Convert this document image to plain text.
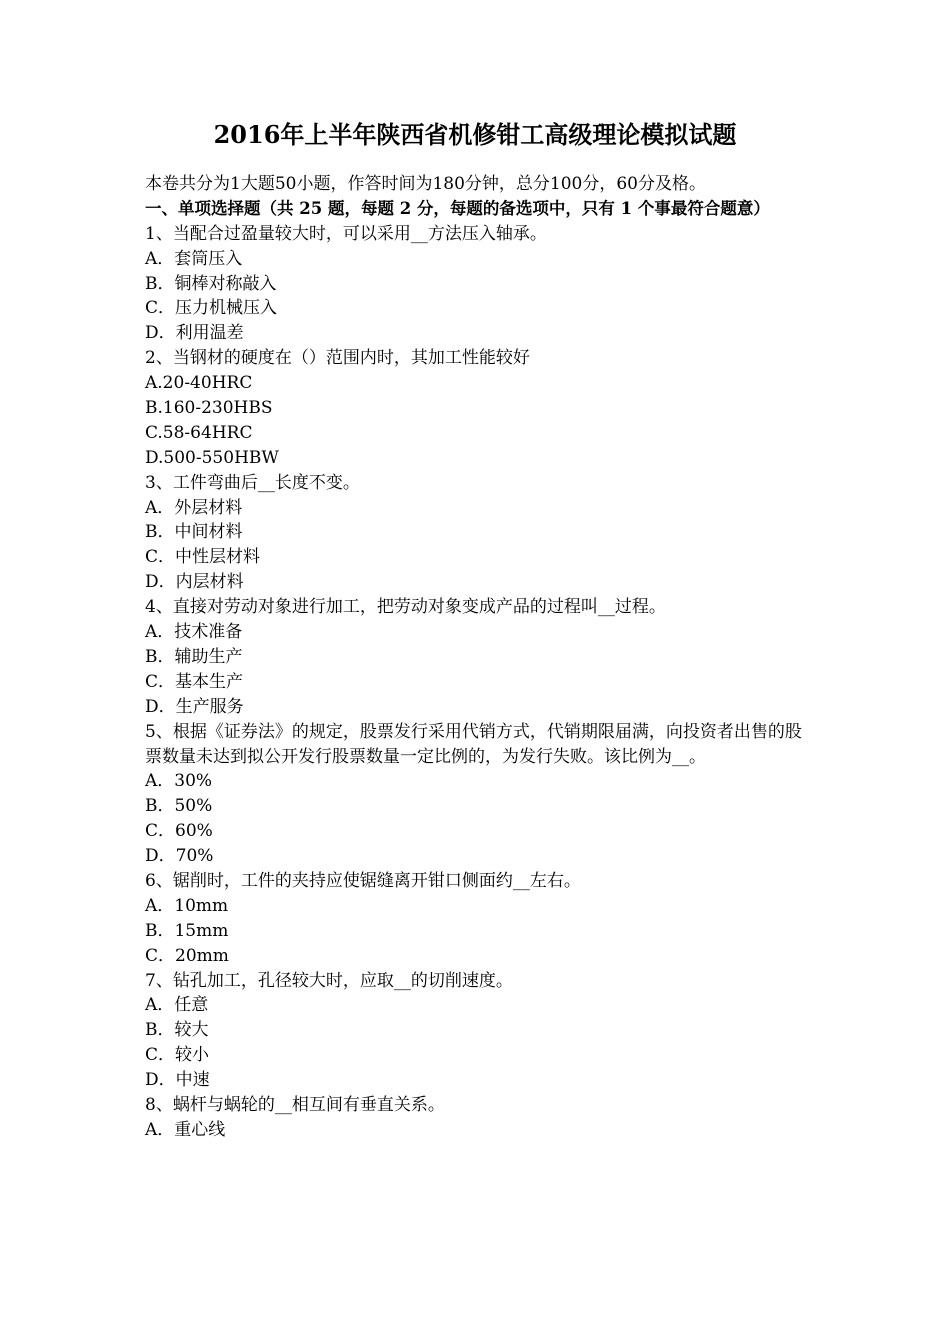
2016年上半年陕西省机修钳工高级理论模拟试题
本卷共分为1大题50小题，作答时间为180分钟，总分100分，60分及格。
一、单项选择题（共 25 题，每题 2 分，每题的备选项中，只有 1 个事最符合题意）
1、当配合过盈量较大时，可以采用__方法压入轴承。
A．套筒压入
B．铜棒对称敲入
C．压力机械压入
D．利用温差
2、当钢材的硬度在（）范围内时，其加工性能较好
A.20-40HRC
B.160-230HBS
C.58-64HRC
D.500-550HBW
3、工件弯曲后__长度不变。
A．外层材料
B．中间材料
C．中性层材料
D．内层材料
4、直接对劳动对象进行加工，把劳动对象变成产品的过程叫__过程。
A．技术准备
B．辅助生产
C．基本生产
D．生产服务
5、根据《证券法》的规定，股票发行采用代销方式，代销期限届满，向投资者出售的股票数量未达到拟公开发行股票数量一定比例的，为发行失败。该比例为__。
A．30%
B．50%
C．60%
D．70%
6、锯削时，工件的夹持应使锯缝离开钳口侧面约__左右。
A．10mm
B．15mm
C．20mm
7、钻孔加工，孔径较大时，应取__的切削速度。
A．任意
B．较大
C．较小
D．中速
8、蜗杆与蜗轮的__相互间有垂直关系。
A．重心线
